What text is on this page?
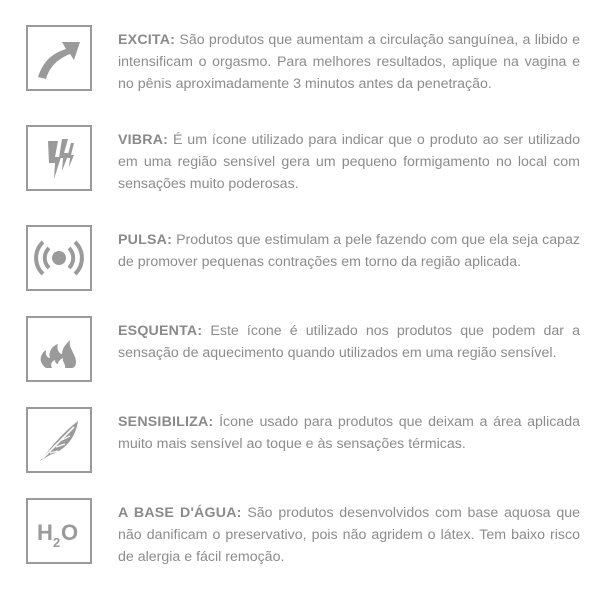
EXCITA: São produtos que aumentam a circulação sanguínea, a libido e intensificam o orgasmo. Para melhores resultados, aplique na vagina e no pênis aproximadamente 3 minutos antes da penetração.
VIBRA: É um ícone utilizado para indicar que o produto ao ser utilizado em uma região sensível gera um pequeno formigamento no local com sensações muito poderosas.
PULSA: Produtos que estimulam a pele fazendo com que ela seja capaz de promover pequenas contrações em torno da região aplicada.
ESQUENTA: Este ícone é utilizado nos produtos que podem dar a sensação de aquecimento quando utilizados em uma região sensível.
SENSIBILIZA: Ícone usado para produtos que deixam a área aplicada muito mais sensível ao toque e às sensações térmicas.
H 2 O
A BASE D'ÁGUA: São produtos desenvolvidos com base aquosa que não danificam o preservativo, pois não agridem o látex. Tem baixo risco de alergia e fácil remoção.
